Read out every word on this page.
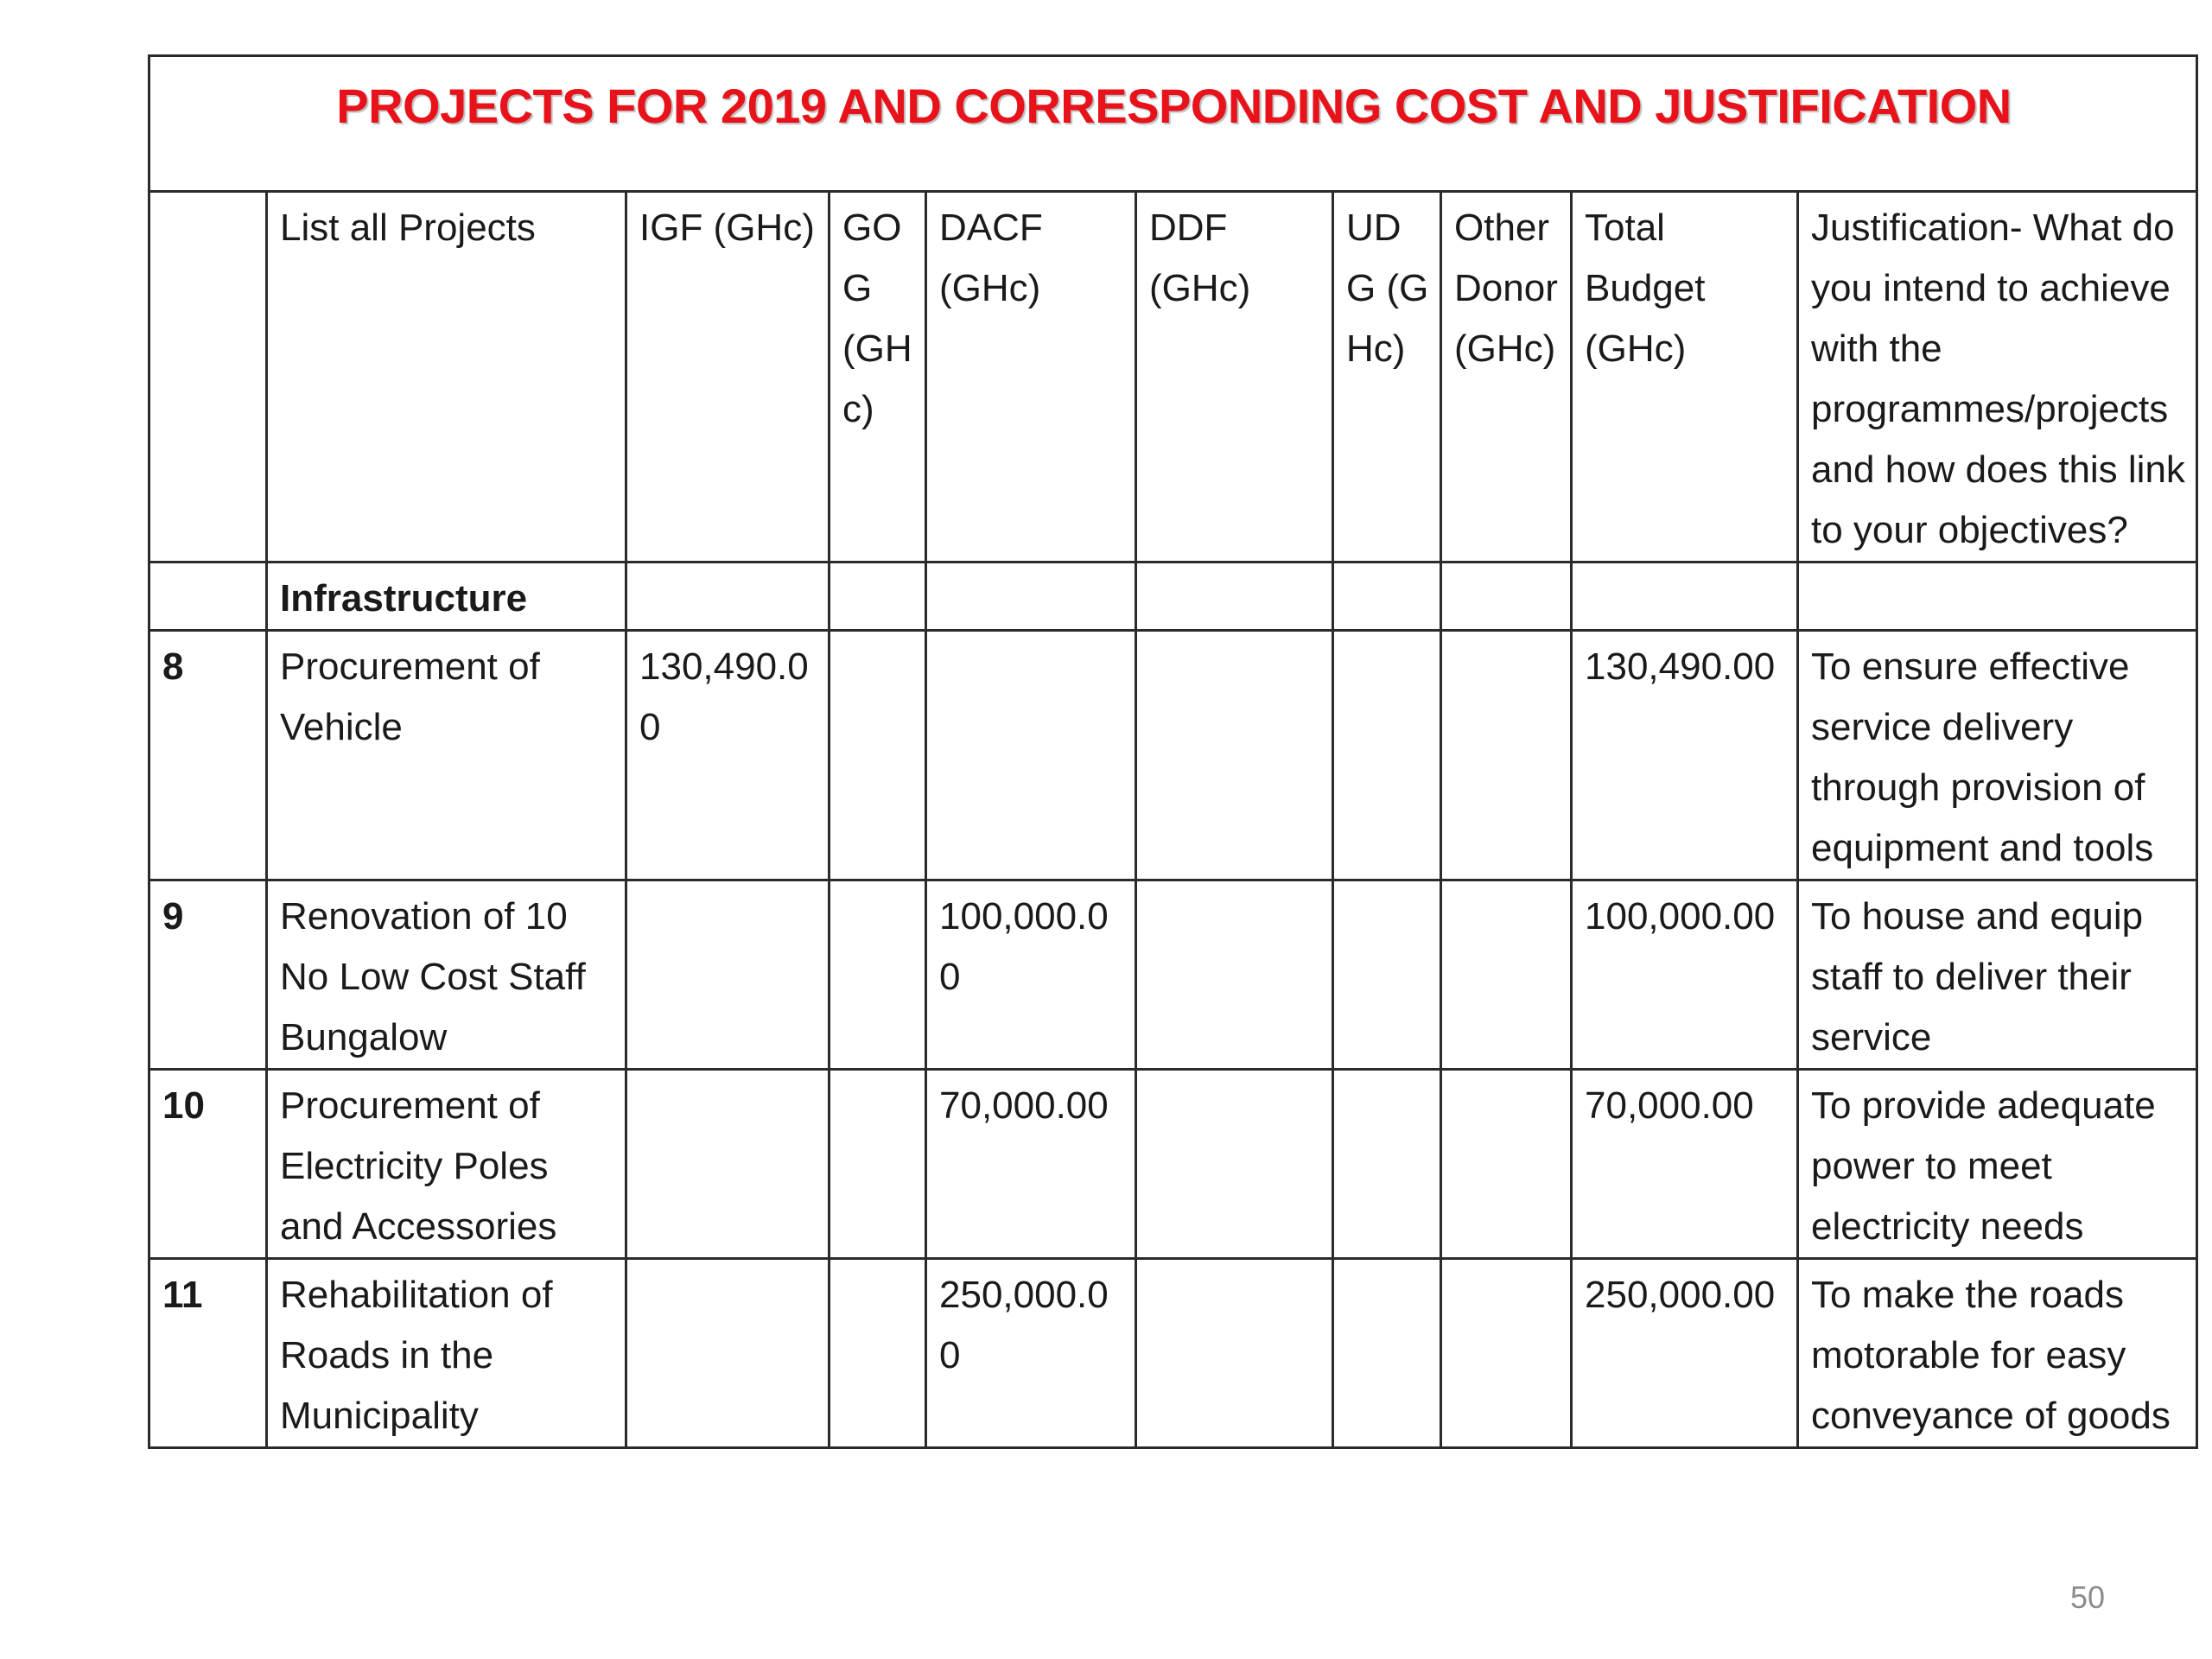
PROJECTS FOR 2019 AND CORRESPONDING COST AND JUSTIFICATION									
	List all Projects	IGF (GHc)	GOG (GHc)	DACF (GHc)	DDF (GHc)	UDG (GHc)	Other Donor (GHc)	Total Budget (GHc)	Justification- What do you intend to achieve with the programmes/projects and how does this link to your objectives?
	Infrastructure								
8	Procurement of Vehicle	130,490.00						130,490.00	To ensure effective service delivery through provision of equipment and tools
9	Renovation of 10 No Low Cost Staff Bungalow			100,000.00				100,000.00	To house and equip staff to deliver their service
10	Procurement of Electricity Poles and Accessories			70,000.00				70,000.00	To provide adequate power to meet electricity needs
11	Rehabilitation of Roads in the Municipality			250,000.00				250,000.00	To make the roads motorable for easy conveyance of goods
50
